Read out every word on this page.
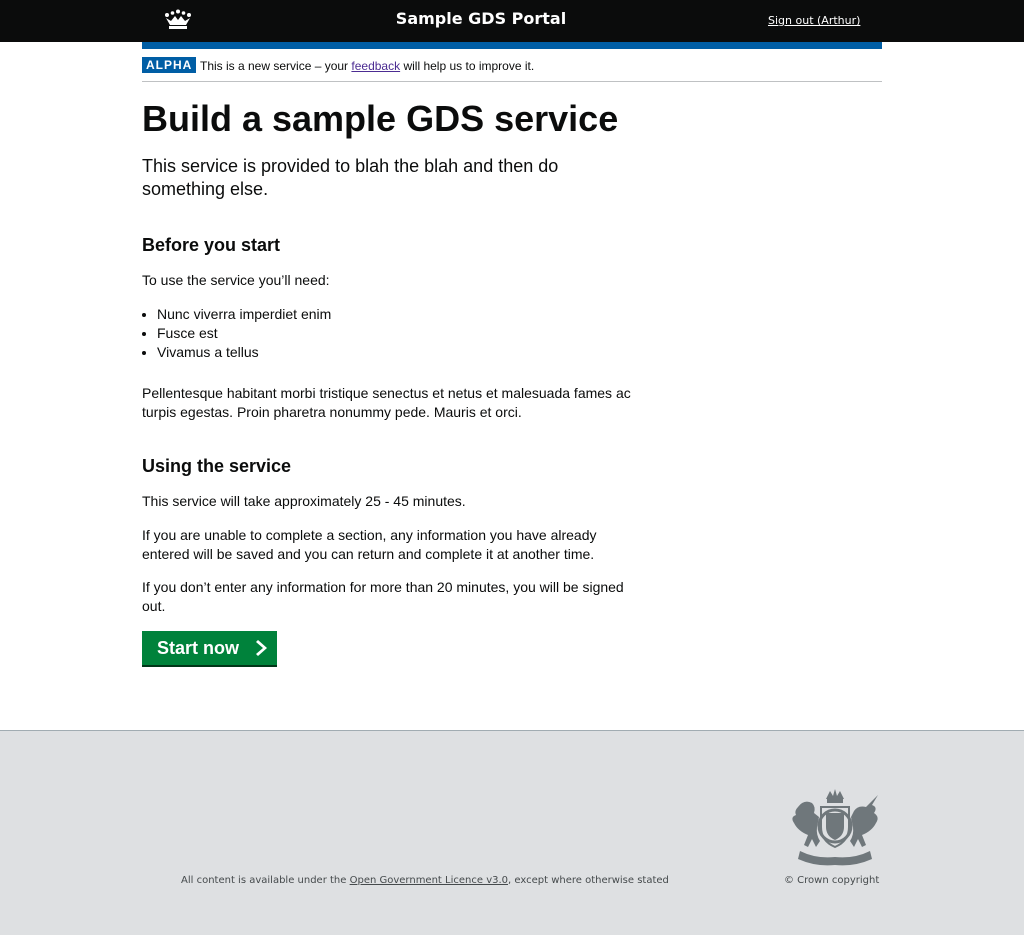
Sample GDS Portal	Sign out (Arthur)
ALPHA This is a new service – your feedback will help us to improve it.
Build a sample GDS service

This service is provided to blah the blah and then do something else.

Before you start

To use the service you’ll need:

• Nunc viverra imperdiet enim
• Fusce est
• Vivamus a tellus

Pellentesque habitant morbi tristique senectus et netus et malesuada fames ac turpis egestas. Proin pharetra nonummy pede. Mauris et orci.

Using the service

This service will take approximately 25 - 45 minutes.

If you are unable to complete a section, any information you have already entered will be saved and you can return and complete it at another time.

If you don’t enter any information for more than 20 minutes, you will be signed out.

Start now
All content is available under the Open Government Licence v3.0, except where otherwise stated	© Crown copyright
